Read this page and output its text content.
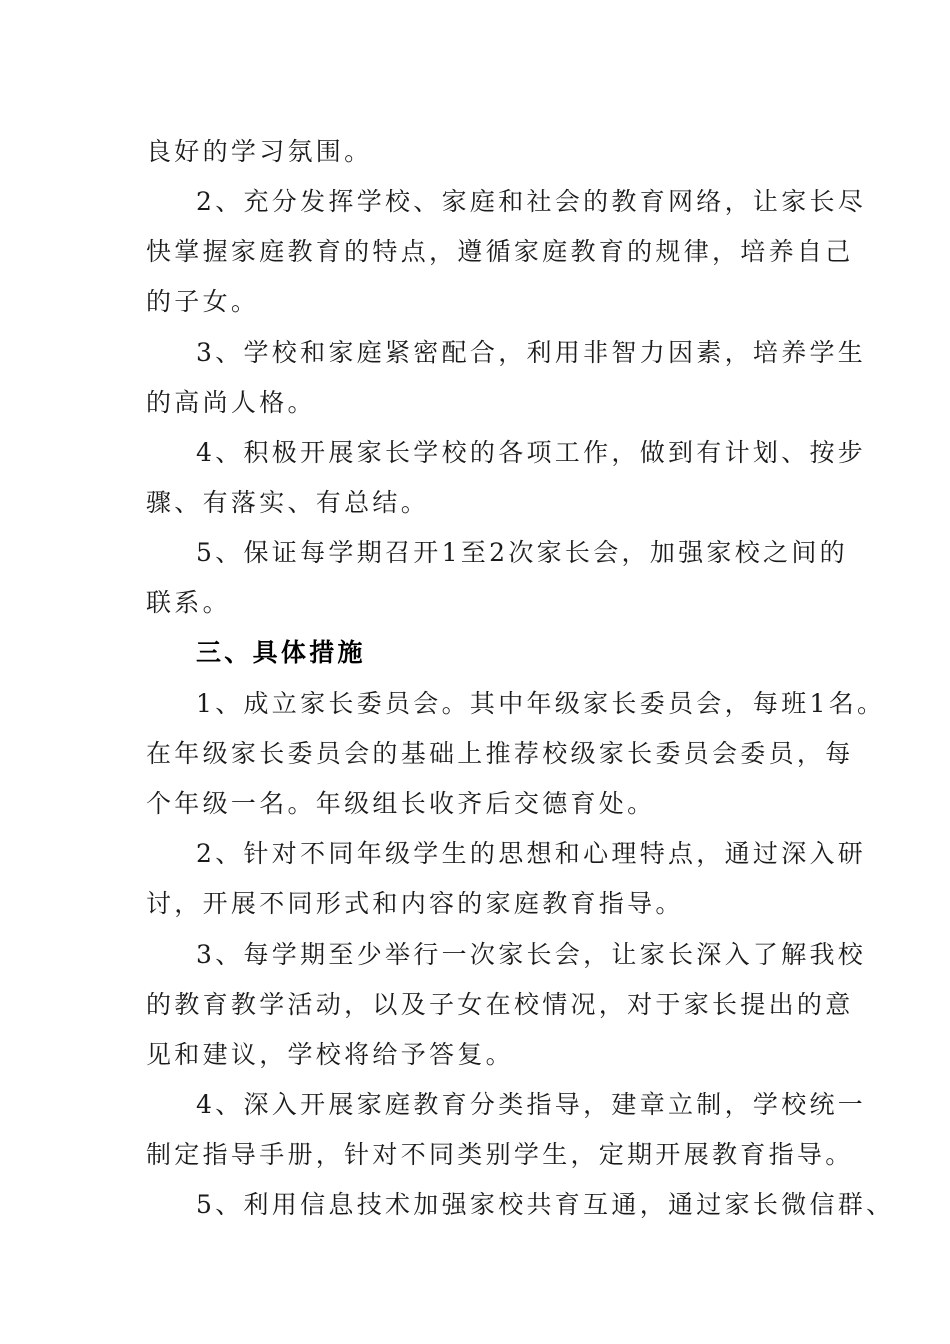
良好的学习氛围。
2、充分发挥学校、家庭和社会的教育网络，让家长尽
快掌握家庭教育的特点，遵循家庭教育的规律，培养自己
的子女。
3、学校和家庭紧密配合，利用非智力因素，培养学生
的高尚人格。
4、积极开展家长学校的各项工作，做到有计划、按步
骤、有落实、有总结。
5、保证每学期召开1至2次家长会，加强家校之间的
联系。
三、具体措施
1、成立家长委员会。其中年级家长委员会，每班1名。
在年级家长委员会的基础上推荐校级家长委员会委员，每
个年级一名。年级组长收齐后交德育处。
2、针对不同年级学生的思想和心理特点，通过深入研
讨，开展不同形式和内容的家庭教育指导。
3、每学期至少举行一次家长会，让家长深入了解我校
的教育教学活动，以及子女在校情况，对于家长提出的意
见和建议，学校将给予答复。
4、深入开展家庭教育分类指导，建章立制，学校统一
制定指导手册，针对不同类别学生，定期开展教育指导。
5、利用信息技术加强家校共育互通，通过家长微信群、
